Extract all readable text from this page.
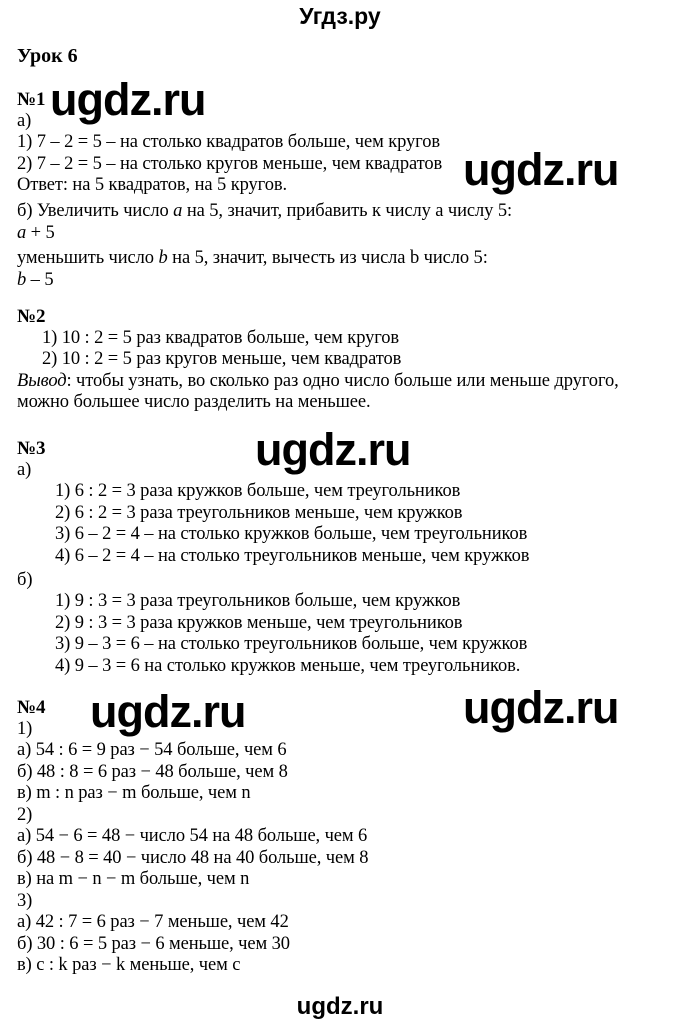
Угдз.ру
Урок 6
№1
а)
1) 7 – 2 = 5 – на столько квадратов больше, чем кругов
2) 7 – 2 = 5 – на столько кругов меньше, чем квадратов
Ответ: на 5 квадратов, на 5 кругов.
б) Увеличить число a на 5, значит, прибавить к числу а числу 5:
a + 5
уменьшить число b на 5, значит, вычесть из числа b число 5:
b – 5
№2
1) 10 : 2 = 5 раз квадратов больше, чем кругов
2) 10 : 2 = 5 раз кругов меньше, чем квадратов
Вывод: чтобы узнать, во сколько раз одно число больше или меньше другого,
можно большее число разделить на меньшее.
№3
а)
1) 6 : 2 = 3 раза кружков больше, чем треугольников
2) 6 : 2 = 3 раза треугольников меньше, чем кружков
3) 6 – 2 = 4 – на столько кружков больше, чем треугольников
4) 6 – 2 = 4 – на столько треугольников меньше, чем кружков
б)
1) 9 : 3 = 3 раза треугольников больше, чем кружков
2) 9 : 3 = 3 раза кружков меньше, чем треугольников
3) 9 – 3 = 6 – на столько треугольников больше, чем кружков
4) 9 – 3 = 6 на столько кружков меньше, чем треугольников.
№4
1)
а) 54 : 6 = 9 раз − 54 больше, чем 6
б) 48 : 8 = 6 раз − 48 больше, чем 8
в) m : n раз − m больше, чем n
2)
а) 54 − 6 = 48 − число 54 на 48 больше, чем 6
б) 48 − 8 = 40 − число 48 на 40 больше, чем 8
в) на m − n − m больше, чем n
3)
а) 42 : 7 = 6 раз − 7 меньше, чем 42
б) 30 : 6 = 5 раз − 6 меньше, чем 30
в) c : k раз − k меньше, чем c
ugdz.ru
ugdz.ru
ugdz.ru
ugdz.ru	ugdz.ru
ugdz.ru
